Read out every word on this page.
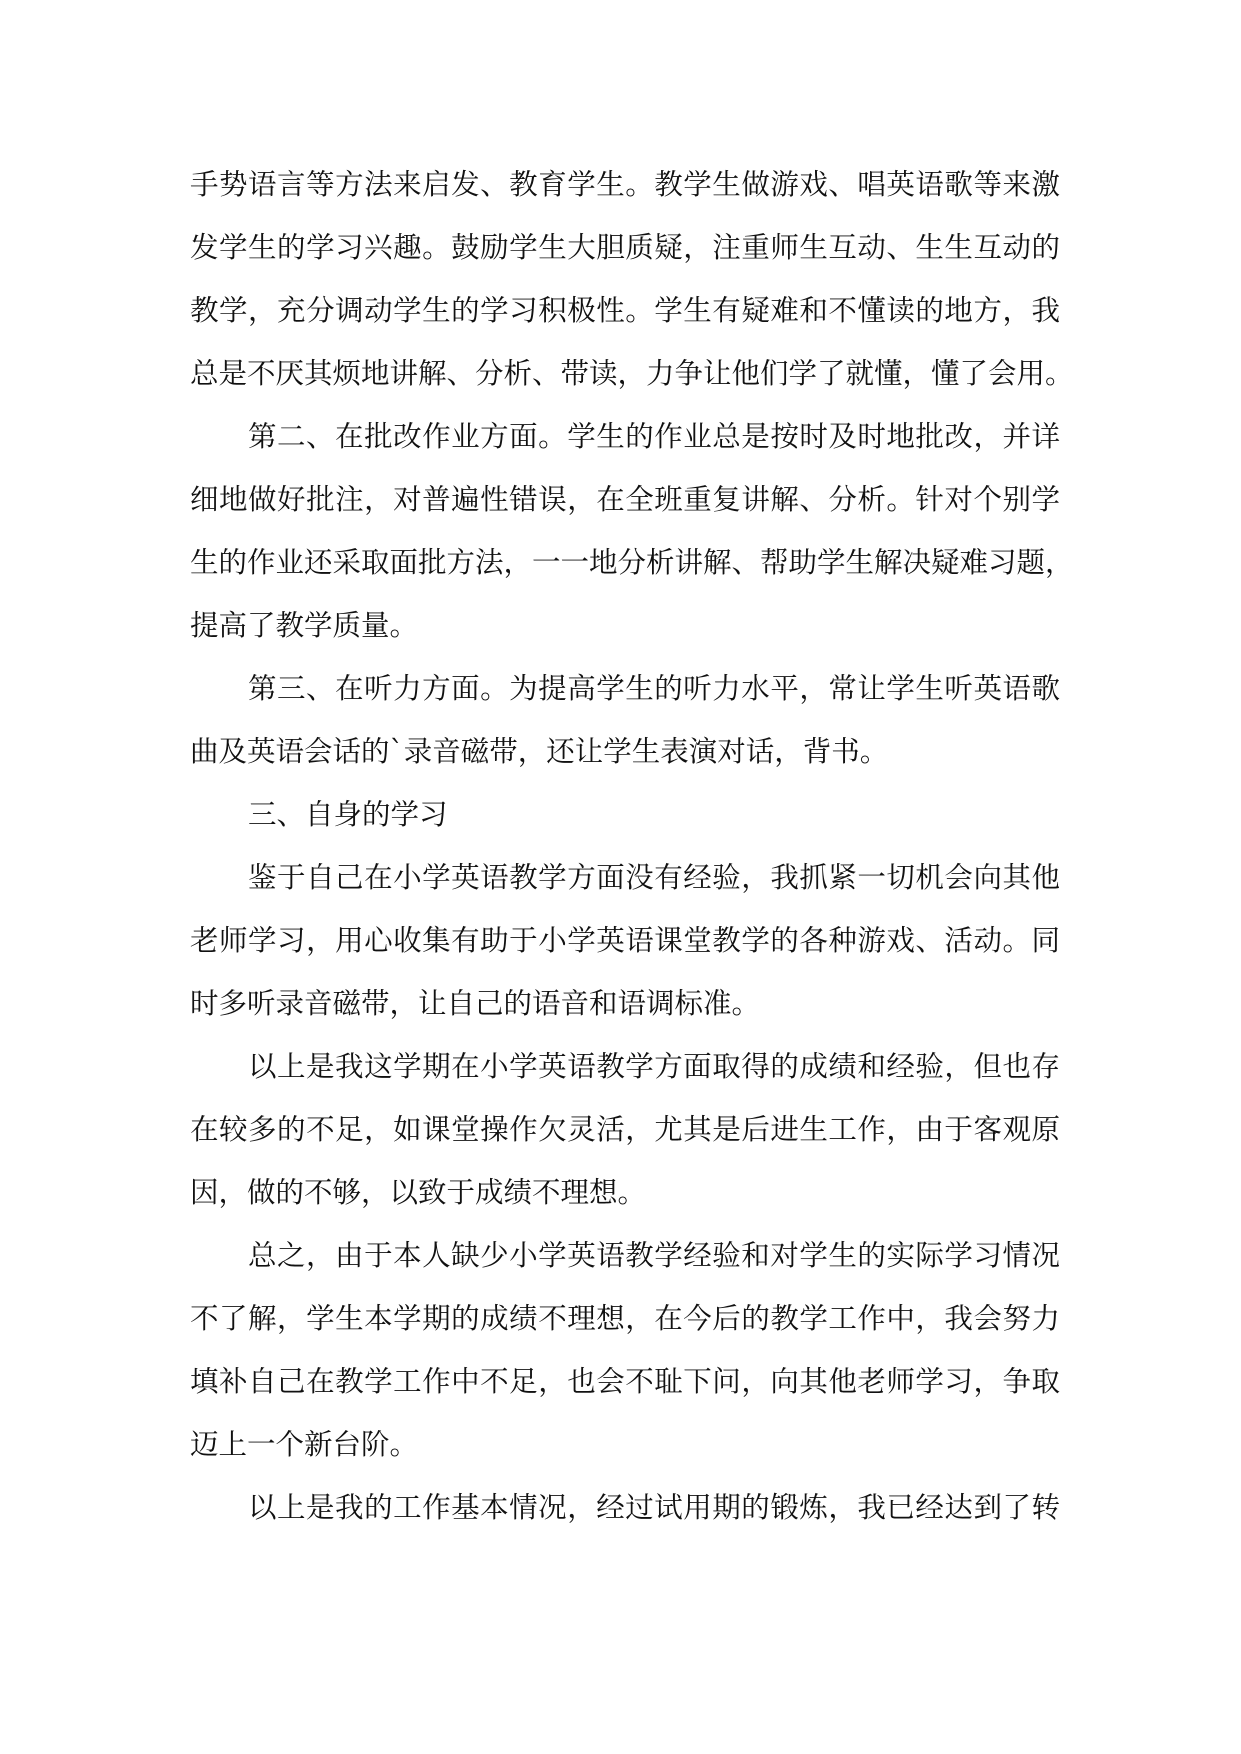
手势语言等方法来启发、教育学生。教学生做游戏、唱英语歌等来激
发学生的学习兴趣。鼓励学生大胆质疑，注重师生互动、生生互动的
教学，充分调动学生的学习积极性。学生有疑难和不懂读的地方，我
总是不厌其烦地讲解、分析、带读，力争让他们学了就懂，懂了会用。
第二、在批改作业方面。学生的作业总是按时及时地批改，并详
细地做好批注，对普遍性错误，在全班重复讲解、分析。针对个别学
生的作业还采取面批方法，一一地分析讲解、帮助学生解决疑难习题，
提高了教学质量。
第三、在听力方面。为提高学生的听力水平，常让学生听英语歌
曲及英语会话的`录音磁带，还让学生表演对话，背书。
三、自身的学习
鉴于自己在小学英语教学方面没有经验，我抓紧一切机会向其他
老师学习，用心收集有助于小学英语课堂教学的各种游戏、活动。同
时多听录音磁带，让自己的语音和语调标准。
以上是我这学期在小学英语教学方面取得的成绩和经验，但也存
在较多的不足，如课堂操作欠灵活，尤其是后进生工作，由于客观原
因，做的不够，以致于成绩不理想。
总之，由于本人缺少小学英语教学经验和对学生的实际学习情况
不了解，学生本学期的成绩不理想，在今后的教学工作中，我会努力
填补自己在教学工作中不足，也会不耻下问，向其他老师学习，争取
迈上一个新台阶。
以上是我的工作基本情况，经过试用期的锻炼，我已经达到了转
